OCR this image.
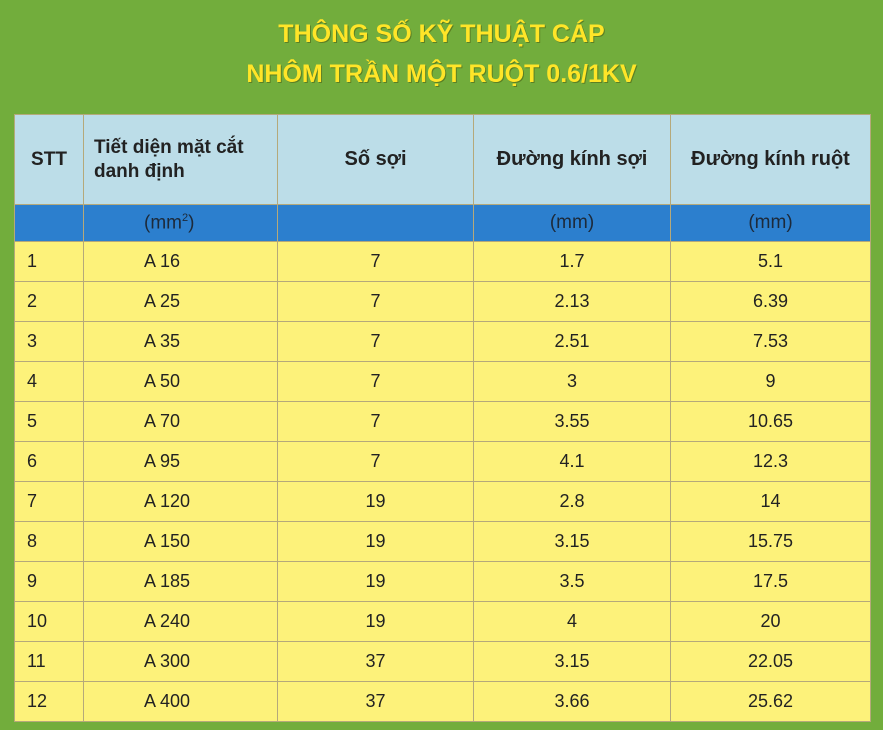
THÔNG SỐ KỸ THUẬT CÁP
NHÔM TRẦN MỘT RUỘT 0.6/1KV
STT	Tiết diện mặt cắt danh định	Số sợi	Đường kính sợi	Đường kính ruột
	$(mm^2)$		(mm)	(mm)
1	A 16	7	1.7	5.1
2	A 25	7	2.13	6.39
3	A 35	7	2.51	7.53
4	A 50	7	3	9
5	A 70	7	3.55	10.65
6	A 95	7	4.1	12.3
7	A 120	19	2.8	14
8	A 150	19	3.15	15.75
9	A 185	19	3.5	17.5
10	A 240	19	4	20
11	A 300	37	3.15	22.05
12	A 400	37	3.66	25.62
